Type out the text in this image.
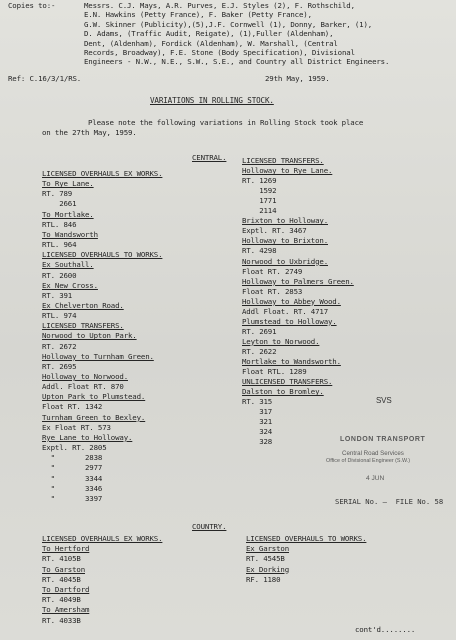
Copies to:-	Messrs. C.J. Mays, A.R. Purves, E.J. Styles (2), F. Rothschild,
E.N. Hawkins (Petty France), F. Baker (Petty France),
G.W. Skinner (Publicity),(5),J.F. Cornwell (1), Donny, Barker, (1),
D. Adams, (Traffic Audit, Reigate), (1),Fuller (Aldenham),
Dent, (Aldenham), Fordick (Aldenham), W. Marshall, (Central
Records, Broadway), F.E. Stone (Body Specification), Divisional
Engineers - N.W., N.E., S.W., S.E., and Country all District Engineers.
Ref: C.16/3/1/RS.	29th May, 1959.
VARIATIONS IN ROLLING STOCK.
Please note the following variations in Rolling Stock took place
on the 27th May, 1959.
CENTRAL.
LICENSED OVERHAULS EX WORKS.
To Rye Lane.
RT. 789
2661
To Mortlake.
RTL. 846
To Wandsworth
RTL. 964
LICENSED OVERHAULS TO WORKS.
Ex Southall.
RT. 2600
Ex New Cross.
RT. 391
Ex Chelverton Road.
RTL. 974
LICENSED TRANSFERS.
Norwood to Upton Park.
RT. 2672
Holloway to Turnham Green.
RT. 2695
Holloway to Norwood.
Addl. Float RT. 870
Upton Park to Plumstead.
Float RT. 1342
Turnham Green to Bexley.
Ex Float RT. 573
Rye Lane to Holloway.
Exptl. RT. 2805
"       2838
"       2977
"       3344
"       3346
"       3397
LICENSED TRANSFERS.
Holloway to Rye Lane.
RT. 1269
1592
1771
2114
Brixton to Holloway.
Exptl. RT. 3467
Holloway to Brixton.
RT. 4298
Norwood to Uxbridge.
Float RT. 2749
Holloway to Palmers Green.
Float RT. 2853
Holloway to Abbey Wood.
Addl Float. RT. 4717
Plumstead to Holloway.
RT. 2691
Leyton to Norwood.
RT. 2622
Mortlake to Wandsworth.
Float RTL. 1289
UNLICENSED TRANSFERS.
Dalston to Bromley.
RT. 315
317
321
324
328
SVS
LONDON TRANSPORT
Central Road Services
Office of Divisional Engineer (S.W.)
4 JUN
SERIAL No. —  FILE No. 58
COUNTRY.
LICENSED OVERHAULS EX WORKS.
To Hertford
RT. 4105B
To Garston
RT. 4045B
To Dartford
RT. 4049B
To Amersham
RT. 4033B
LICENSED OVERHAULS TO WORKS.
Ex Garston
RT. 4545B
Ex Dorking
RF. 1180
cont'd........
